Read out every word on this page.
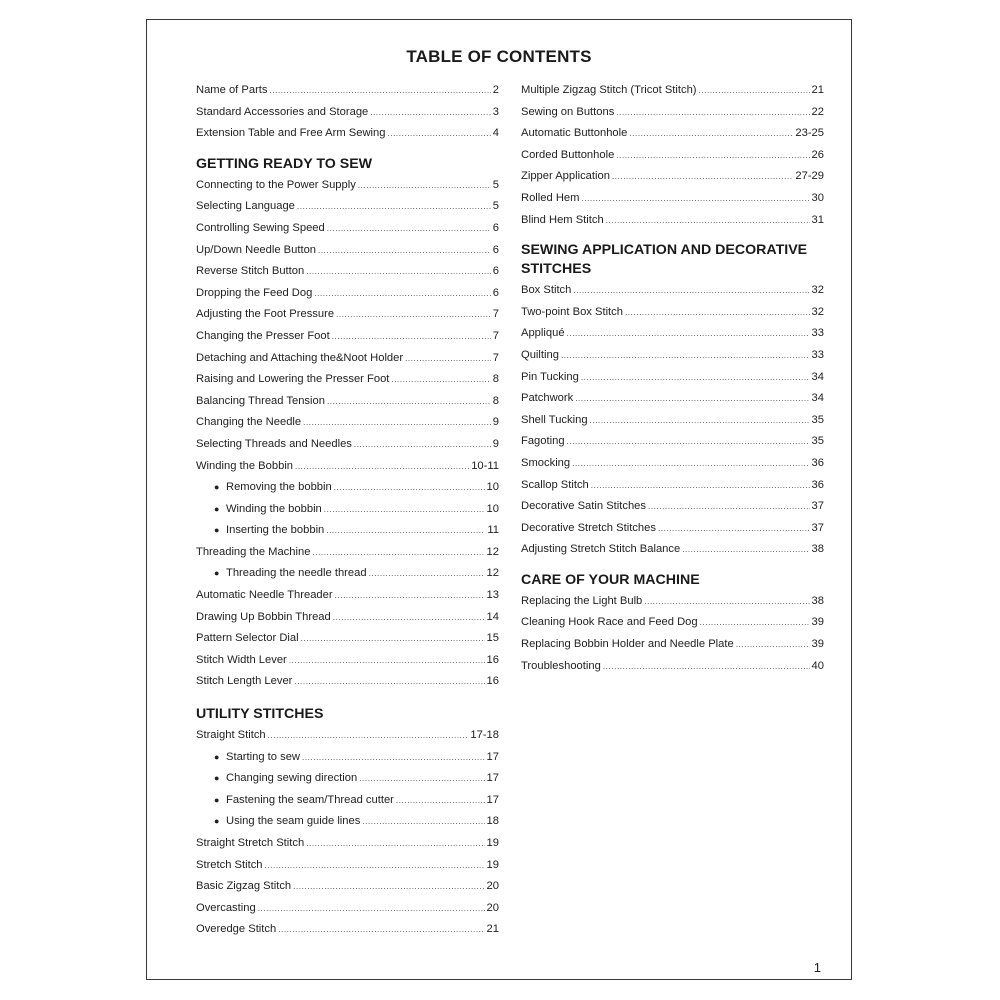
TABLE OF CONTENTS
Name of Parts .....	2
Standard Accessories and Storage .....	3
Extension Table and Free Arm Sewing .....	4
GETTING READY TO SEW
Connecting to the Power Supply .....	5
Selecting Language .....	5
Controlling Sewing Speed .....	6
Up/Down Needle Button .....	6
Reverse Stitch Button .....	6
Dropping the Feed Dog .....	6
Adjusting the Foot Pressure .....	7
Changing the Presser Foot .....	7
Detaching and Attaching the&Noot Holder .....	7
Raising and Lowering the Presser Foot .....	8
Balancing Thread Tension .....	8
Changing the Needle .....	9
Selecting Threads and Needles .....	9
Winding the Bobbin .....	10-11
● Removing the bobbin .....	10
● Winding the bobbin .....	10
● Inserting the bobbin .....	11
Threading the Machine .....	12
● Threading the needle thread .....	12
Automatic Needle Threader .....	13
Drawing Up Bobbin Thread .....	14
Pattern Selector Dial .....	15
Stitch Width Lever .....	16
Stitch Length Lever .....	16
UTILITY STITCHES
Straight Stitch .....	17-18
● Starting to sew .....	17
● Changing sewing direction .....	17
● Fastening the seam/Thread cutter .....	17
● Using the seam guide lines .....	18
Straight Stretch Stitch .....	19
Stretch Stitch .....	19
Basic Zigzag Stitch .....	20
Overcasting .....	20
Overedge Stitch .....	21
Multiple Zigzag Stitch (Tricot Stitch) .....	21
Sewing on Buttons .....	22
Automatic Buttonhole .....	23-25
Corded Buttonhole .....	26
Zipper Application .....	27-29
Rolled Hem .....	30
Blind Hem Stitch .....	31
SEWING APPLICATION AND DECORATIVE STITCHES
Box Stitch .....	32
Two-point Box Stitch .....	32
Appliqué .....	33
Quilting .....	33
Pin Tucking .....	34
Patchwork .....	34
Shell Tucking .....	35
Fagoting .....	35
Smocking .....	36
Scallop Stitch .....	36
Decorative Satin Stitches .....	37
Decorative Stretch Stitches .....	37
Adjusting Stretch Stitch Balance .....	38
CARE OF YOUR MACHINE
Replacing the Light Bulb .....	38
Cleaning Hook Race and Feed Dog .....	39
Replacing Bobbin Holder and Needle Plate .....	39
Troubleshooting .....	40
1
